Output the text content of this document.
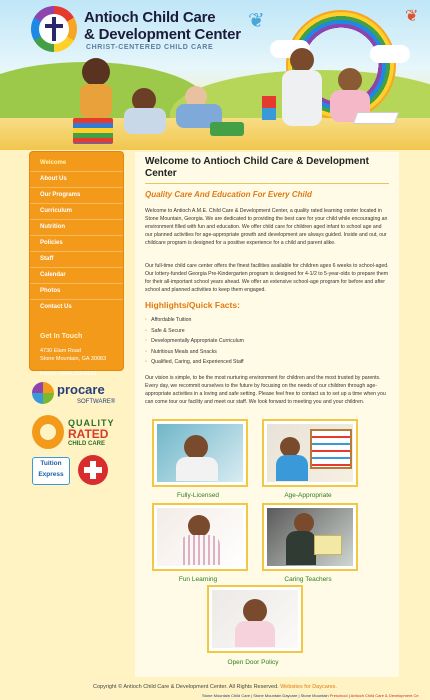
❦	❦
Antioch Child Care
& Development Center
CHRIST-CENTERED CHILD CARE
Welcome
About Us
Our Programs
Curriculum
Nutrition
Policies
Staff
Calendar
Photos
Contact Us
Get In Touch
4730 Elam Road
Stone Mountain, GA 30083
Phone: (404) 299-5521
procare
SOFTWARE®
QUALITY
RATED
CHILD CARE
Tuition
Express
Welcome to Antioch Child Care & Development Center
Quality Care And Education For Every Child
Welcome to Antioch A.M.E. Child Care & Development Center, a quality rated learning center located in Stone Mountain, Georgia. We are dedicated to providing the best care for your child while encouraging an environment filled with fun and education. We offer child care for children aged infant to school age and our planned activities for age-appropriate growth and development are always guided. Inside and out, our childcare program is designed for a positive experience for a child and parent alike.
Our full-time child care center offers the finest facilities available for children ages 6 weeks to school-aged. Our lottery-funded Georgia Pre-Kindergarten program is designed for 4-1/2 to 5-year-olds to prepare them for their all-important school years ahead. We offer an extensive school-age program for before and after school and planned activities to keep them engaged.
Highlights/Quick Facts:
◦ Affordable Tuition
◦ Safe & Secure
◦ Developmentally Appropriate Curriculum
◦ Nutritious Meals and Snacks
◦ Qualified, Caring, and Experienced Staff
Our vision is simple, to be the most nurturing environment for children and the most trusted by parents. Every day, we recommit ourselves to the future by focusing on the needs of our children through age-appropriate activities in a loving and safe setting. Please feel free to contact us to set up a time when you can come tour our facility and meet our staff. We look forward to meeting you and your children.
Fully-Licensed	Age-Appropriate
Fun Learning	Caring Teachers
Open Door Policy
Copyright © Antioch Child Care & Development Center. All Rights Reserved. Websites for Daycares.
Stone Mountain Child Care | Stone Mountain Daycare | Stone Mountain Preschool | Antioch Child Care & Development Ce
